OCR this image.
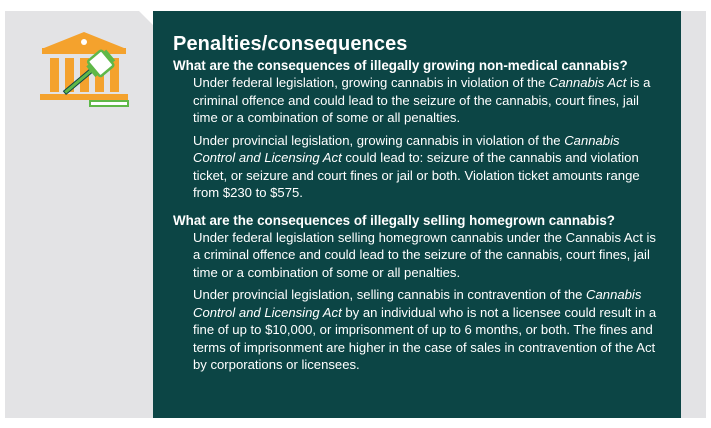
Penalties/consequences
What are the consequences of illegally growing non-medical cannabis?

Under federal legislation, growing cannabis in violation of the Cannabis Act is a criminal offence and could lead to the seizure of the cannabis, court fines, jail time or a combination of some or all penalties.

Under provincial legislation, growing cannabis in violation of the Cannabis Control and Licensing Act could lead to: seizure of the cannabis and violation ticket, or seizure and court fines or jail or both. Violation ticket amounts range from $230 to $575.

What are the consequences of illegally selling homegrown cannabis?

Under federal legislation selling homegrown cannabis under the Cannabis Act is a criminal offence and could lead to the seizure of the cannabis, court fines, jail time or a combination of some or all penalties.

Under provincial legislation, selling cannabis in contravention of the Cannabis Control and Licensing Act by an individual who is not a licensee could result in a fine of up to $10,000, or imprisonment of up to 6 months, or both. The fines and terms of imprisonment are higher in the case of sales in contravention of the Act by corporations or licensees.
